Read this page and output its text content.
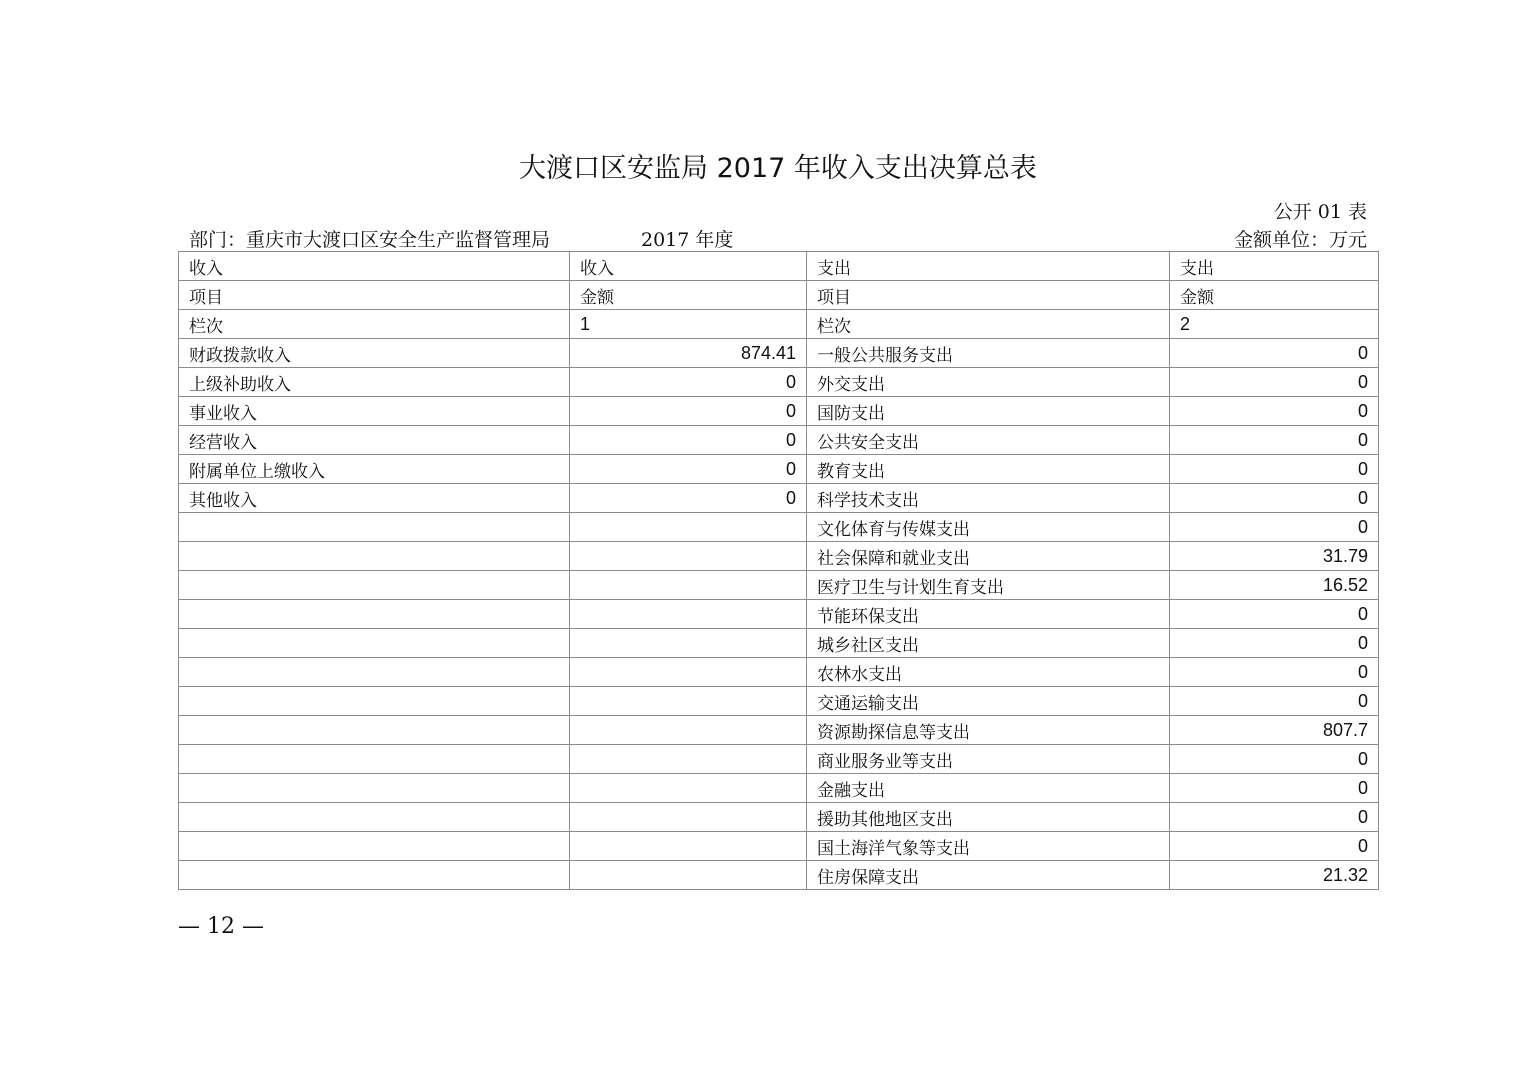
大渡口区安监局 2017 年收入支出决算总表
公开 01 表
部门：重庆市大渡口区安全生产监督管理局	2017 年度	金额单位：万元
收入	收入	支出	支出
项目	金额	项目	金额
栏次	1	栏次	2
财政拨款收入	874.41	一般公共服务支出	0
上级补助收入	0	外交支出	0
事业收入	0	国防支出	0
经营收入	0	公共安全支出	0
附属单位上缴收入	0	教育支出	0
其他收入	0	科学技术支出	0
		文化体育与传媒支出	0
		社会保障和就业支出	31.79
		医疗卫生与计划生育支出	16.52
		节能环保支出	0
		城乡社区支出	0
		农林水支出	0
		交通运输支出	0
		资源勘探信息等支出	807.7
		商业服务业等支出	0
		金融支出	0
		援助其他地区支出	0
		国土海洋气象等支出	0
		住房保障支出	21.32
— 12 —
